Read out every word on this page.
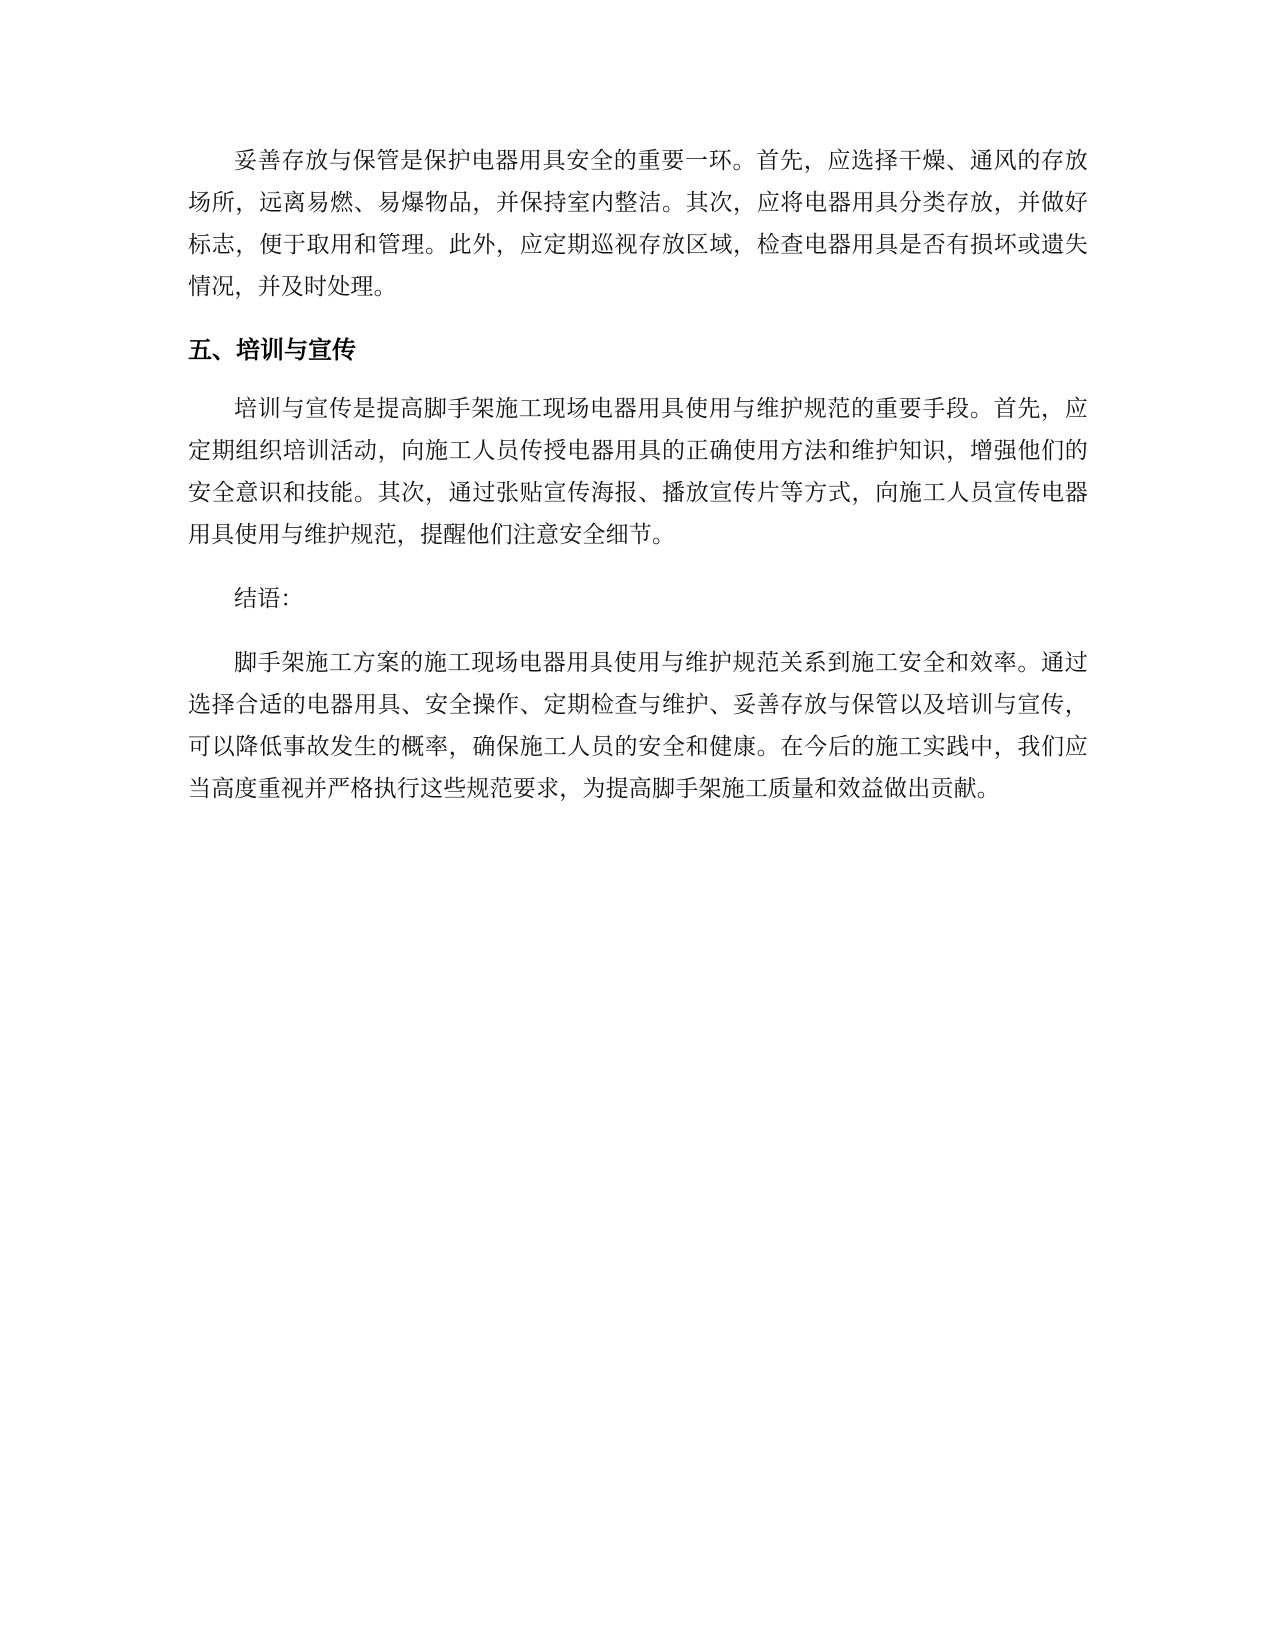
妥善存放与保管是保护电器用具安全的重要一环。首先，应选择干燥、通风的存放场所，远离易燃、易爆物品，并保持室内整洁。其次，应将电器用具分类存放，并做好标志，便于取用和管理。此外，应定期巡视存放区域，检查电器用具是否有损坏或遗失情况，并及时处理。

五、培训与宣传

培训与宣传是提高脚手架施工现场电器用具使用与维护规范的重要手段。首先，应定期组织培训活动，向施工人员传授电器用具的正确使用方法和维护知识，增强他们的安全意识和技能。其次，通过张贴宣传海报、播放宣传片等方式，向施工人员宣传电器用具使用与维护规范，提醒他们注意安全细节。

结语：

脚手架施工方案的施工现场电器用具使用与维护规范关系到施工安全和效率。通过选择合适的电器用具、安全操作、定期检查与维护、妥善存放与保管以及培训与宣传，可以降低事故发生的概率，确保施工人员的安全和健康。在今后的施工实践中，我们应当高度重视并严格执行这些规范要求，为提高脚手架施工质量和效益做出贡献。
